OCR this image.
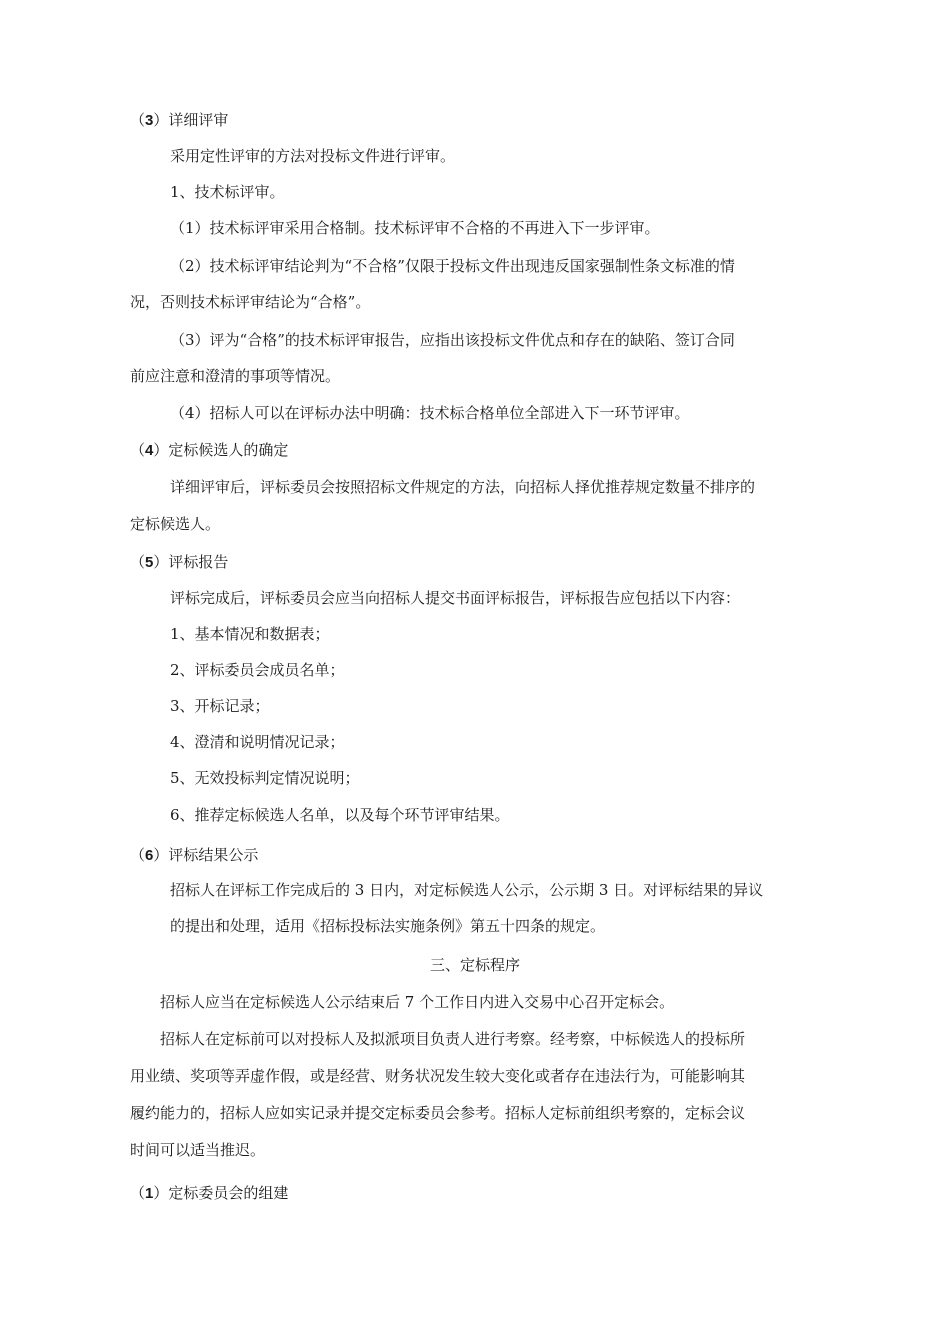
（3）详细评审
采用定性评审的方法对投标文件进行评审。
1、技术标评审。
（1）技术标评审采用合格制。技术标评审不合格的不再进入下一步评审。
（2）技术标评审结论判为“不合格”仅限于投标文件出现违反国家强制性条文标准的情
况，否则技术标评审结论为“合格”。
（3）评为“合格”的技术标评审报告，应指出该投标文件优点和存在的缺陷、签订合同
前应注意和澄清的事项等情况。
（4）招标人可以在评标办法中明确：技术标合格单位全部进入下一环节评审。
（4）定标候选人的确定
详细评审后，评标委员会按照招标文件规定的方法，向招标人择优推荐规定数量不排序的
定标候选人。
（5）评标报告
评标完成后，评标委员会应当向招标人提交书面评标报告，评标报告应包括以下内容：
1、基本情况和数据表；
2、评标委员会成员名单；
3、开标记录；
4、澄清和说明情况记录；
5、无效投标判定情况说明；
6、推荐定标候选人名单，以及每个环节评审结果。
（6）评标结果公示
招标人在评标工作完成后的 3 日内，对定标候选人公示，公示期 3 日。对评标结果的异议
的提出和处理，适用《招标投标法实施条例》第五十四条的规定。
三、定标程序
招标人应当在定标候选人公示结束后 7 个工作日内进入交易中心召开定标会。
招标人在定标前可以对投标人及拟派项目负责人进行考察。经考察，中标候选人的投标所
用业绩、奖项等弄虚作假，或是经营、财务状况发生较大变化或者存在违法行为，可能影响其
履约能力的，招标人应如实记录并提交定标委员会参考。招标人定标前组织考察的，定标会议
时间可以适当推迟。
（1）定标委员会的组建
